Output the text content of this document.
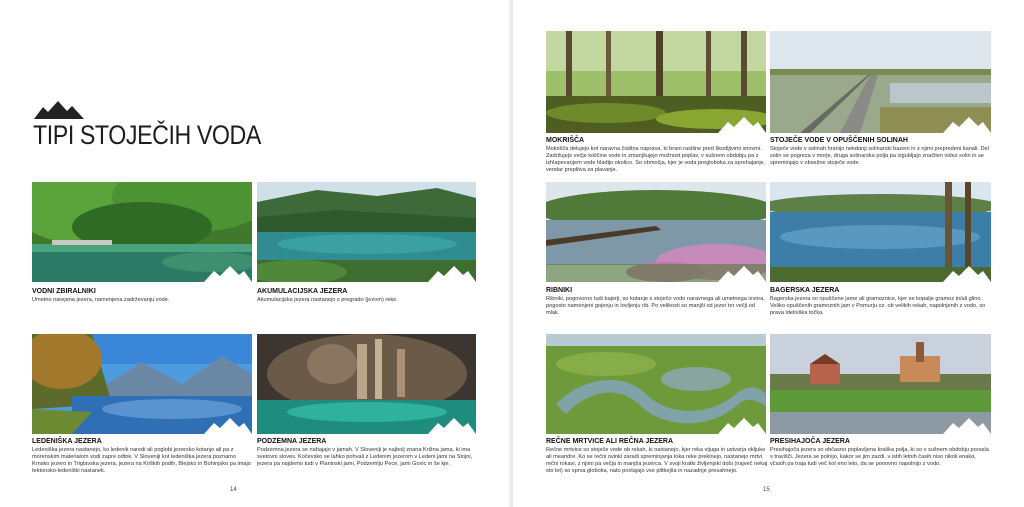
TIPI STOJEČIH VODA

VODNI ZBIRALNIKI

Umetno narejena jezera, namenjena zadrževanju vode.

AKUMULACIJSKA JEZERA

Akumulacijska jezera nastanejo s pregrado (jezom) reke.

LEDENIŠKA JEZERA

Ledeniška jezera nastanejo, ko ledenik naredi ali poglobi jezersko kotanjo ali pa z morenskim materialom vodi zapre odtok. V Sloveniji kot ledeniška jezera poznamo Krnsko jezero in Triglavska jezera, jezera na Kriških podih, Blejsko in Bohinjsko pa imajo tektonsko-ledeniški nastanek.

PODZEMNA JEZERA

Podzemna jezera se nahajajo v jamah. V Sloveniji je najbolj znana Križna jama, ki ima svetovni sloves. Kočevsko se lahko pohvali z Ledenim jezerom v Ledeni jami na Stojni, jezera pa najdemo tudi v Planinski jami, Podzemlju Pece, jami Govic in še kje.

14

MOKRIŠČA

Mokrišča delujejo kot naravna čistilna naprava, ki brani rastline pred škodljivimi snovmi. Zadržujejo večje količine vode in zmanjšujejo možnost poplav, v sušnem obdobju pa z izhlapevanjem vode hladijo okolico. So območja, kjer je voda pregloboka za sprehajanje, vendar preplitva za plavanje.

STOJEČE VODE V OPUŠČENIH SOLINAH

Stoječe vode v solinah hranijo nekdanji solinarski bazeni in z njimi prepredeni kanali. Del solin se pogreza v morje, druga solinarska polja pa izgubljajo značilen videz solin in se spreminjajo v obsežne stoječe vode.

RIBNIKI

Ribniki, pogovorno tudi bajerji, so kotanje s stoječo vodo naravnega ali umetnega izvora, pogosto namenjeni gojenju in lovljenju rib. Po velikosti so manjši od jezer ter večji od mlak.

BAGERSKA JEZERA

Bagerska jezera so opuščene jame ali gramoznice, kjer se kopalje gramoz in/ali glino. Veliko opuščenih gramoznih jam v Pomurju oz. ob velikih rekah, napolnjenih z vodo, so prava idelniška točka.

REČNE MRTVICE ALI REČNA JEZERA

Rečne mrtvice so stoječe vode ob rekah, ki nastanejo, kjer reka vijuga in ustvarja okljuke ali meandre. Ko se rečni ovinki zaradi spreminjanja toka reke prekinejo, nastanejo mrtvi rečni rokavi, z njimi pa večja in manjša jezerca. V svoji kratki življenjski dobi (največ nekaj sto let) so sprva globoka, nato postajajo vse plitkejša in nazadnje presahnejo.

PRESIHAJOČA JEZERA

Presihajoča jezera so občasno poplavljena kraška polja, ki so v sušnem obdobju porasla s travišči. Jezera se polnijo, kakor se jim zazdi, v istih letnih časih niso nikoli enaka, včasih pa traja tudi več kot eno leto, da se ponovno napolnijo z vodo.

15
